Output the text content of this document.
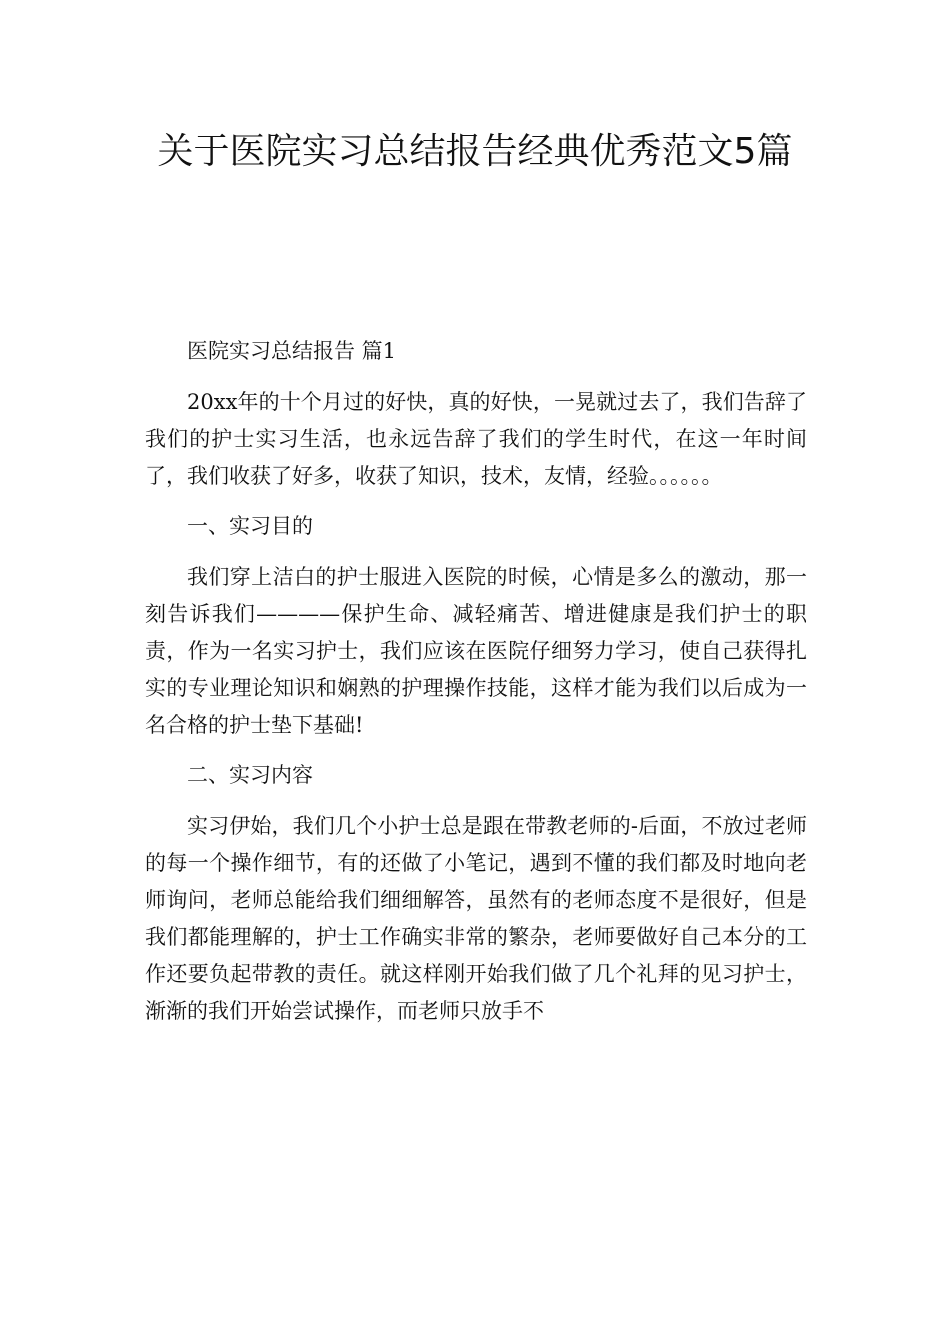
关于医院实习总结报告经典优秀范文5篇

医院实习总结报告 篇1

20xx年的十个月过的好快，真的好快，一晃就过去了，我们告辞了我们的护士实习生活，也永远告辞了我们的学生时代，在这一年时间了，我们收获了好多，收获了知识，技术，友情，经验。。。。。。

一、实习目的

我们穿上洁白的护士服进入医院的时候，心情是多么的激动，那一刻告诉我们————保护生命、减轻痛苦、增进健康是我们护士的职责，作为一名实习护士，我们应该在医院仔细努力学习，使自己获得扎实的专业理论知识和娴熟的护理操作技能，这样才能为我们以后成为一名合格的护士垫下基础!

二、实习内容

实习伊始，我们几个小护士总是跟在带教老师的-后面，不放过老师的每一个操作细节，有的还做了小笔记，遇到不懂的我们都及时地向老师询问，老师总能给我们细细解答，虽然有的老师态度不是很好，但是我们都能理解的，护士工作确实非常的繁杂，老师要做好自己本分的工作还要负起带教的责任。就这样刚开始我们做了几个礼拜的见习护士，渐渐的我们开始尝试操作，而老师只放手不
